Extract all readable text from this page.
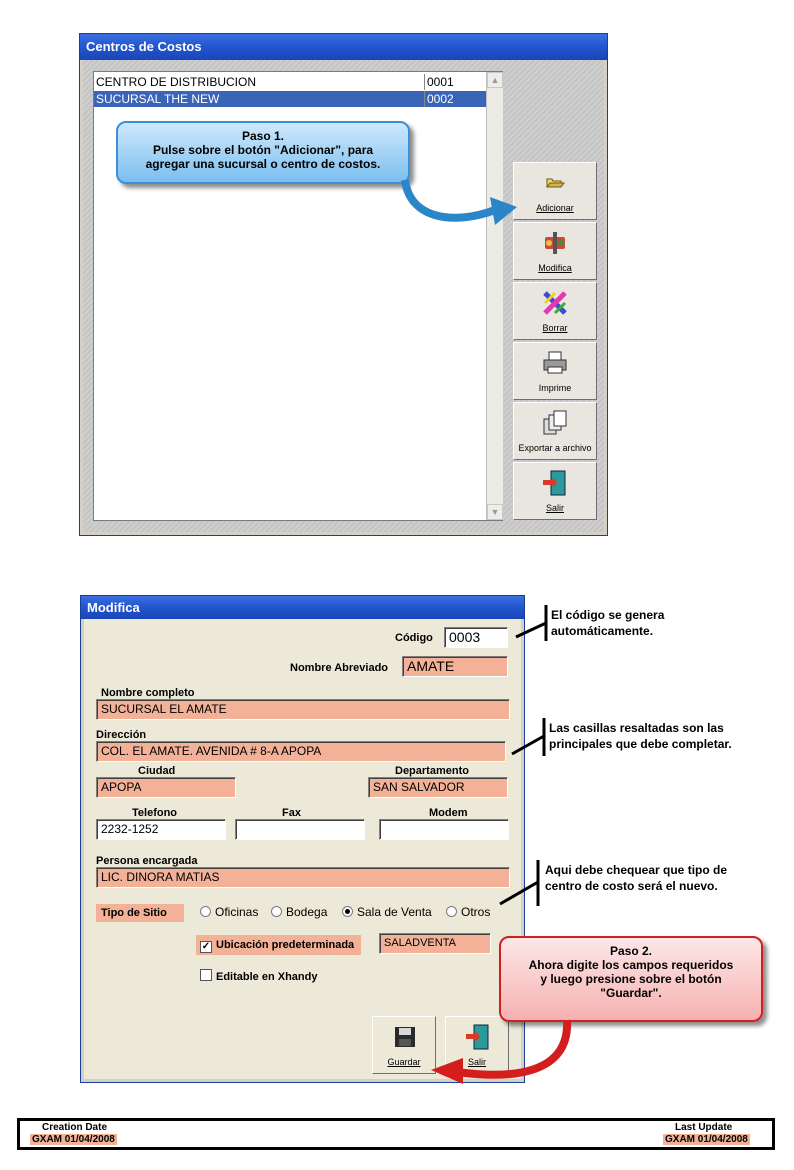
Centros de Costos
CENTRO DE DISTRIBUCION	0001
SUCURSAL THE NEW	0002
▲
▼
Adicionar
Modifica
Borrar
Imprime
Exportar a archivo
Salir
Paso 1.
Pulse sobre el botón "Adicionar", para
agregar una sucursal o centro de costos.
Modifica
Código	0003
Nombre Abreviado	AMATE
Nombre completo
SUCURSAL EL AMATE
Dirección
COL. EL AMATE. AVENIDA # 8-A APOPA
Ciudad
APOPA
Departamento
SAN SALVADOR
Telefono
2232-1252
Fax	Modem
Persona encargada
LIC. DINORA MATIAS
Tipo de Sitio	Oficinas	Bodega	Sala de Venta	Otros
✓ Ubicación predeterminada	SALADVENTA
Editable en Xhandy
Guardar	Salir
El código se genera
automáticamente.
Las casillas resaltadas son las
principales que debe completar.
Aqui debe chequear que tipo de
centro de costo será el nuevo.
Paso 2.
Ahora digite los campos requeridos
y luego presione sobre el botón
"Guardar".
Creation Date
GXAM 01/04/2008
Last Update
GXAM 01/04/2008
